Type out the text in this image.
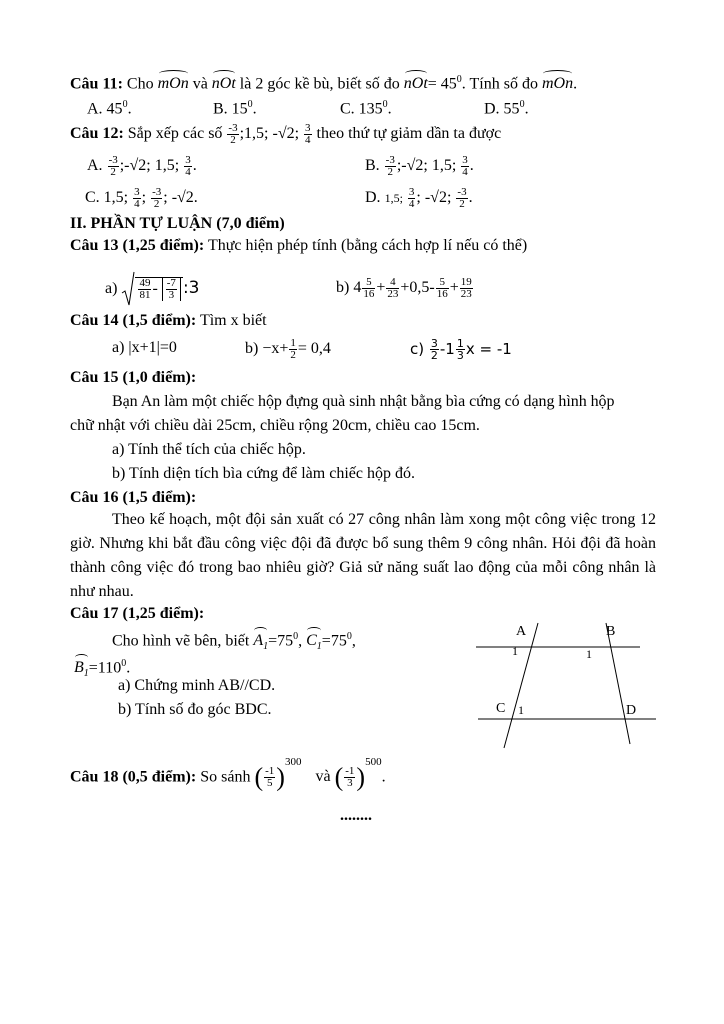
Câu 11: Cho mOn và nOt là 2 góc kề bù, biết số đo $nOt= 45^0$. Tính số đo mOn.
A. $45^0$.	B. $15^0$.	C. $135^0$.	D. $55^0$.
Câu 12: Sắp xếp các số $\frac{-3}{2}$ ;1,5; -√2; $\frac{3}{4}$ theo thứ tự giảm dần ta được
A. $\frac{-3}{2}$ ;-√2; 1,5; $\frac{3}{4}$ .	B. $\frac{-3}{2}$ ;-√2; 1,5; $\frac{3}{4}$ .
C. 1,5; $\frac{3}{4}$ ; $\frac{-3}{2}$ ; -√2.	D. 1,5; $\frac{3}{4}$ ; -√2; $\frac{-3}{2}$ .
II. PHẦN TỰ LUẬN (7,0 điểm)
Câu 13 (1,25 điểm): Thực hiện phép tính (bằng cách hợp lí nếu có thể)
$a) \frac{49}{81} - \frac{-7}{3}$ :3	b) $4 \frac{5}{16} + \frac{4}{23} +0,5- \frac{5}{16} + \frac{19}{23}$
Câu 14 (1,5 điểm): Tìm x biết
a) |x+1|=0	$b) -x+ \frac{1}{2} = 0,4$	$c) \frac{3}{2} -1 \frac{1}{3}$ x = -1
Câu 15 (1,0 điểm):
Bạn An làm một chiếc hộp đựng quà sinh nhật bằng bìa cứng có dạng hình hộp
chữ nhật với chiều dài 25cm, chiều rộng 20cm, chiều cao 15cm.
a) Tính thể tích của chiếc hộp.
b) Tính diện tích bìa cứng để làm chiếc hộp đó.
Câu 16 (1,5 điểm):
Theo kế hoạch, một đội sản xuất có 27 công nhân làm xong một công việc trong 12 giờ. Nhưng khi bắt đầu công việc đội đã được bổ sung thêm 9 công nhân. Hỏi đội đã hoàn thành công việc đó trong bao nhiêu giờ? Giả sử năng suất lao động của mỗi công nhân là như nhau.
Câu 17 (1,25 điểm):
Cho hình vẽ bên, biết $A_1=75^0$, $C_1=75^0$,
$B_1=110^0$.
a) Chứng minh AB//CD.
b) Tính số đo góc BDC.
A	B
C	D
1	1
1
Câu 18 (0,5 điểm): So sánh ( $\frac{-1}{5} )^{300}$ và ( $\frac{-1}{3} )^{500}$.
........
